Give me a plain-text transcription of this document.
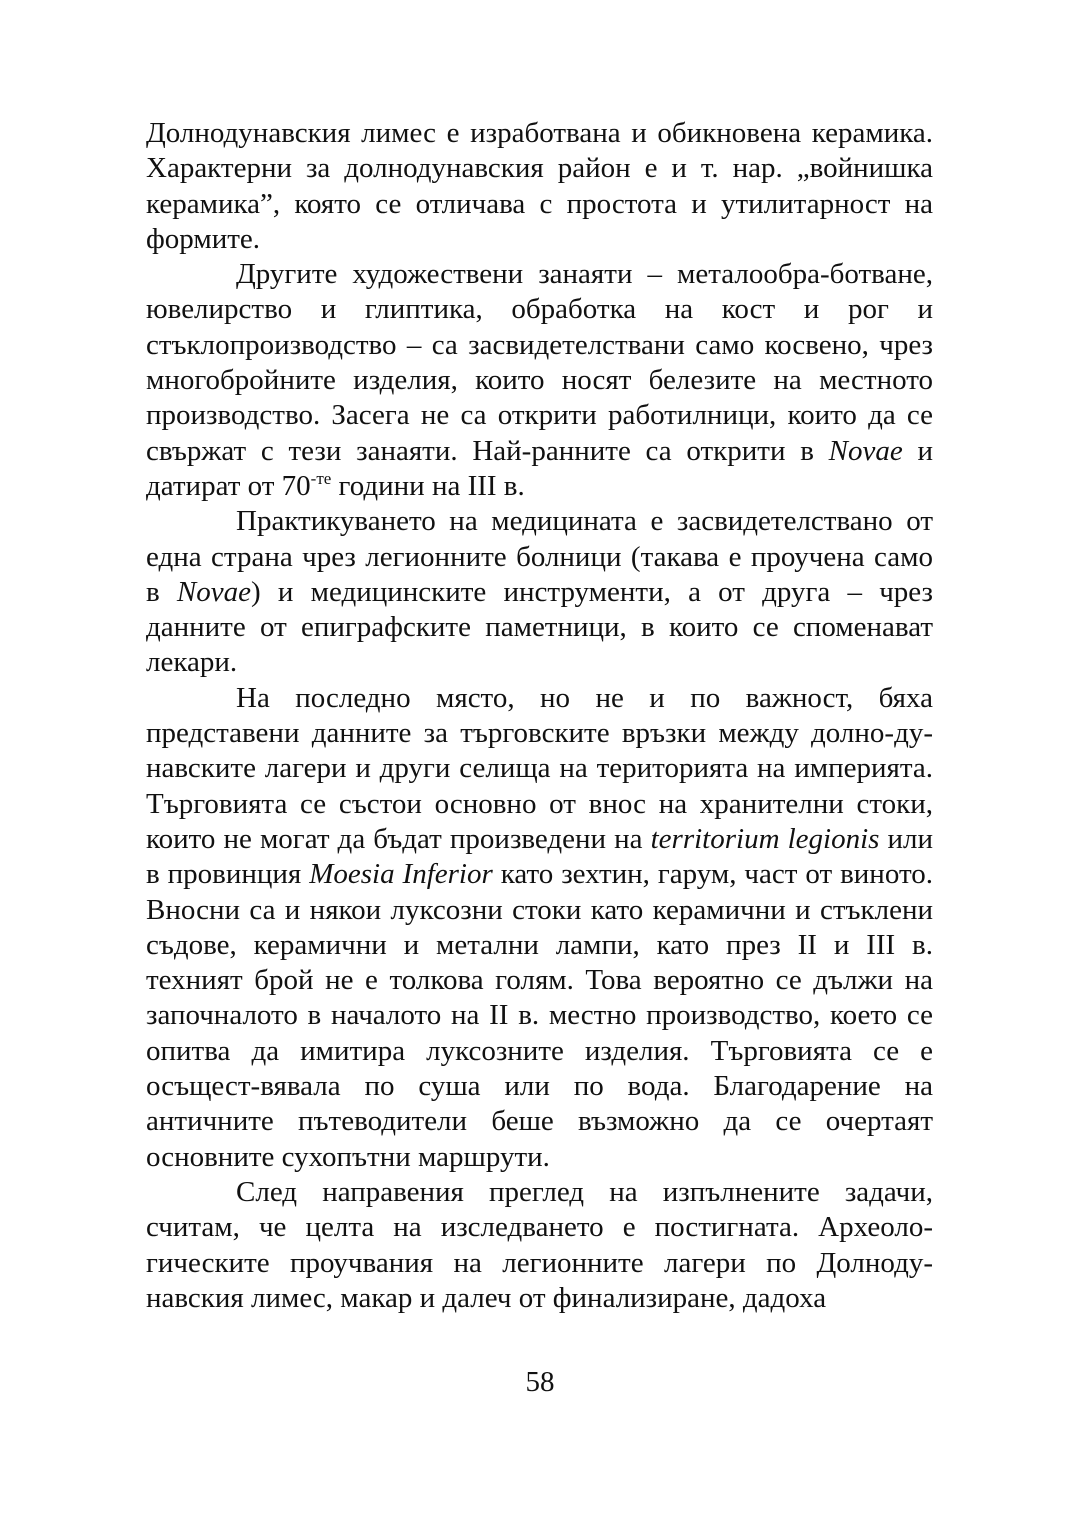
Долнодунавския лимес е изработвана и обикновена керамика. Характерни за долнодунавския район е и т. нар. „войнишка керамика”, която се отличава с простота и утилитарност на формите.

Другите художествени занаяти – металообра-ботване, ювелирство и глиптика, обработка на кост и рог и стъклопроизводство – са засвидетелствани само косвено, чрез многобройните изделия, които носят белезите на местното производство. Засега не са открити работилници, които да се свържат с тези занаяти. Най-ранните са открити в Novae и датират от $70^{-те}$ години на III в.

Практикуването на медицината е засвидетелствано от една страна чрез легионните болници (такава е проучена само в Novae) и медицинските инструменти, а от друга – чрез данните от епиграфските паметници, в които се споменават лекари.

На последно място, но не и по важност, бяха представени данните за търговските връзки между долно-ду-навските лагери и други селища на територията на империята. Търговията се състои основно от внос на хранителни стоки, които не могат да бъдат произведени на territorium legionis или в провинция Moesia Inferior като зехтин, гарум, част от виното. Вносни са и някои луксозни стоки като керамични и стъклени съдове, керамични и метални лампи, като през II и III в. техният брой не е толкова голям. Това вероятно се дължи на започналото в началото на II в. местно производство, което се опитва да имитира луксозните изделия. Търговията се е осъщест-вявала по суша или по вода. Благодарение на античните пътеводители беше възможно да се очертаят основните сухопътни маршрути.

След направения преглед на изпълнените задачи, считам, че целта на изследването е постигната. Археоло-гическите проучвания на легионните лагери по Долноду-навския лимес, макар и далеч от финализиране, дадоха

58
